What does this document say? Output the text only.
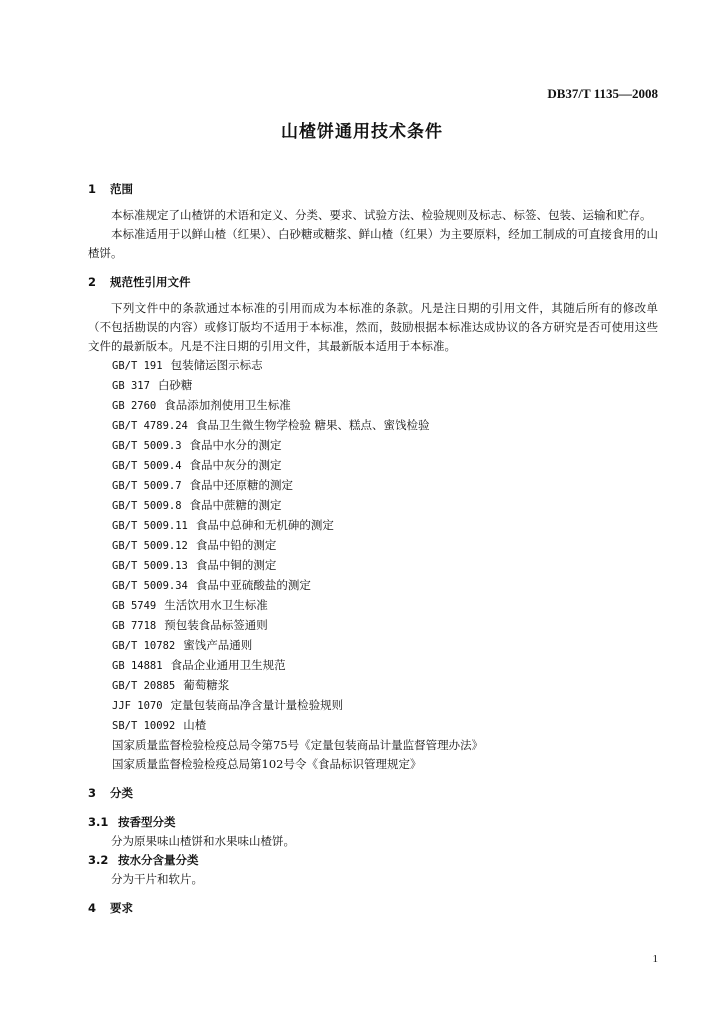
DB37/T 1135—2008
山楂饼通用技术条件
1 范围

本标准规定了山楂饼的术语和定义、分类、要求、试验方法、检验规则及标志、标签、包装、运输和贮存。

本标准适用于以鲜山楂（红果）、白砂糖或糖浆、鲜山楂（红果）为主要原料，经加工制成的可直接食用的山楂饼。

2 规范性引用文件

下列文件中的条款通过本标准的引用而成为本标准的条款。凡是注日期的引用文件，其随后所有的修改单（不包括勘误的内容）或修订版均不适用于本标准，然而，鼓励根据本标准达成协议的各方研究是否可使用这些文件的最新版本。凡是不注日期的引用文件，其最新版本适用于本标准。

GB/T 191 包装储运图示标志
GB 317 白砂糖
GB 2760 食品添加剂使用卫生标准
GB/T 4789.24 食品卫生微生物学检验 糖果、糕点、蜜饯检验
GB/T 5009.3 食品中水分的测定
GB/T 5009.4 食品中灰分的测定
GB/T 5009.7 食品中还原糖的测定
GB/T 5009.8 食品中蔗糖的测定
GB/T 5009.11 食品中总砷和无机砷的测定
GB/T 5009.12 食品中铅的测定
GB/T 5009.13 食品中铜的测定
GB/T 5009.34 食品中亚硫酸盐的测定
GB 5749 生活饮用水卫生标准
GB 7718 预包装食品标签通则
GB/T 10782 蜜饯产品通则
GB 14881 食品企业通用卫生规范
GB/T 20885 葡萄糖浆
JJF 1070 定量包装商品净含量计量检验规则
SB/T 10092 山楂
国家质量监督检验检疫总局令第75号《定量包装商品计量监督管理办法》
国家质量监督检验检疫总局第102号令《食品标识管理规定》
3 分类
3.1 按香型分类

分为原果味山楂饼和水果味山楂饼。

3.2 按水分含量分类

分为干片和软片。

4 要求
1
